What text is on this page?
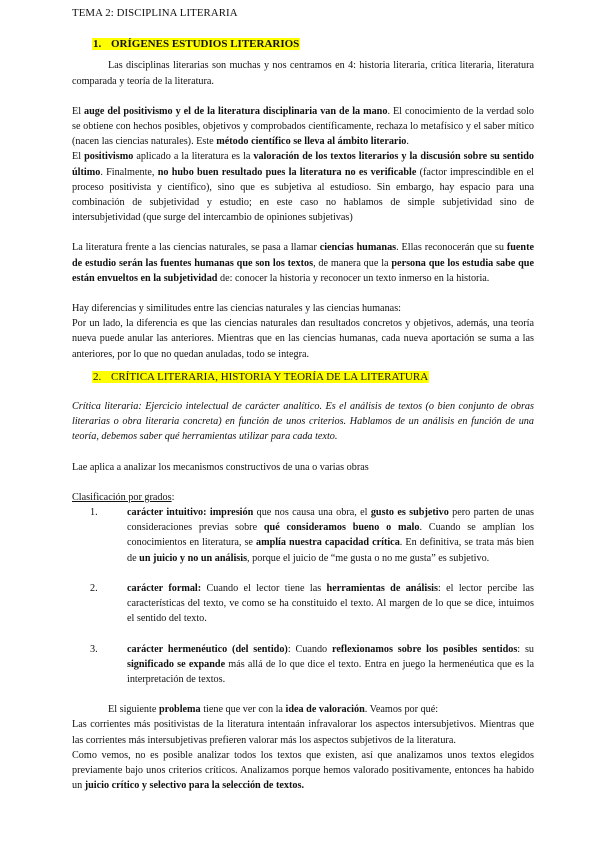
TEMA 2: DISCIPLINA LITERARIA
1. ORÍGENES ESTUDIOS LITERARIOS

Las disciplinas literarias son muchas y nos centramos en 4: historia literaria, crítica literaria, literatura comparada y teoría de la literatura.

El auge del positivismo y el de la literatura disciplinaria van de la mano. El conocimiento de la verdad solo se obtiene con hechos posibles, objetivos y comprobados científicamente, rechaza lo metafísico y el saber mítico (nacen las ciencias naturales). Este método científico se lleva al ámbito literario.

El positivismo aplicado a la literatura es la valoración de los textos literarios y la discusión sobre su sentido último. Finalmente, no hubo buen resultado pues la literatura no es verificable (factor imprescindible en el proceso positivista y científico), sino que es subjetiva al estudioso. Sin embargo, hay espacio para una combinación de subjetividad y estudio; en este caso no hablamos de simple subjetividad sino de intersubjetividad (que surge del intercambio de opiniones subjetivas)

La literatura frente a las ciencias naturales, se pasa a llamar ciencias humanas. Ellas reconocerán que su fuente de estudio serán las fuentes humanas que son los textos, de manera que la persona que los estudia sabe que están envueltos en la subjetividad de: conocer la historia y reconocer un texto inmerso en la historia.

Hay diferencias y similitudes entre las ciencias naturales y las ciencias humanas:

Por un lado, la diferencia es que las ciencias naturales dan resultados concretos y objetivos, además, una teoría nueva puede anular las anteriores. Mientras que en las ciencias humanas, cada nueva aportación se suma a las anteriores, por lo que no quedan anuladas, todo se integra.

2. CRÍTICA LITERARIA, HISTORIA Y TEORÍA DE LA LITERATURA

Crítica literaria: Ejercicio intelectual de carácter analítico. Es el análisis de textos (o bien conjunto de obras literarias o obra literaria concreta) en función de unos criterios. Hablamos de un análisis en función de una teoría, debemos saber qué herramientas utilizar para cada texto.

Lae aplica a analizar los mecanismos constructivos de una o varias obras

Clasificación por grados:

1.	carácter intuitivo: impresión que nos causa una obra, el gusto es subjetivo pero parten de unas consideraciones previas sobre qué consideramos bueno o malo. Cuando se amplían los conocimientos en literatura, se amplía nuestra capacidad crítica. En definitiva, se trata más bien de un juicio y no un análisis, porque el juicio de “me gusta o no me gusta” es subjetivo.
2.	carácter formal: Cuando el lector tiene las herramientas de análisis: el lector percibe las características del texto, ve como se ha constituido el texto. Al margen de lo que se dice, intuimos el sentido del texto.
3.	carácter hermenéutico (del sentido): Cuando reflexionamos sobre los posibles sentidos: su significado se expande más allá de lo que dice el texto. Entra en juego la hermenéutica que es la interpretación de textos.

El siguiente problema tiene que ver con la idea de valoración. Veamos por qué:

Las corrientes más positivistas de la literatura intentaán infravalorar los aspectos intersubjetivos. Mientras que las corrientes más intersubjetivas prefieren valorar más los aspectos subjetivos de la literatura.

Como vemos, no es posible analizar todos los textos que existen, así que analizamos unos textos elegidos previamente bajo unos criterios críticos. Analizamos porque hemos valorado positivamente, entonces ha habido un juicio crítico y selectivo para la selección de textos.
